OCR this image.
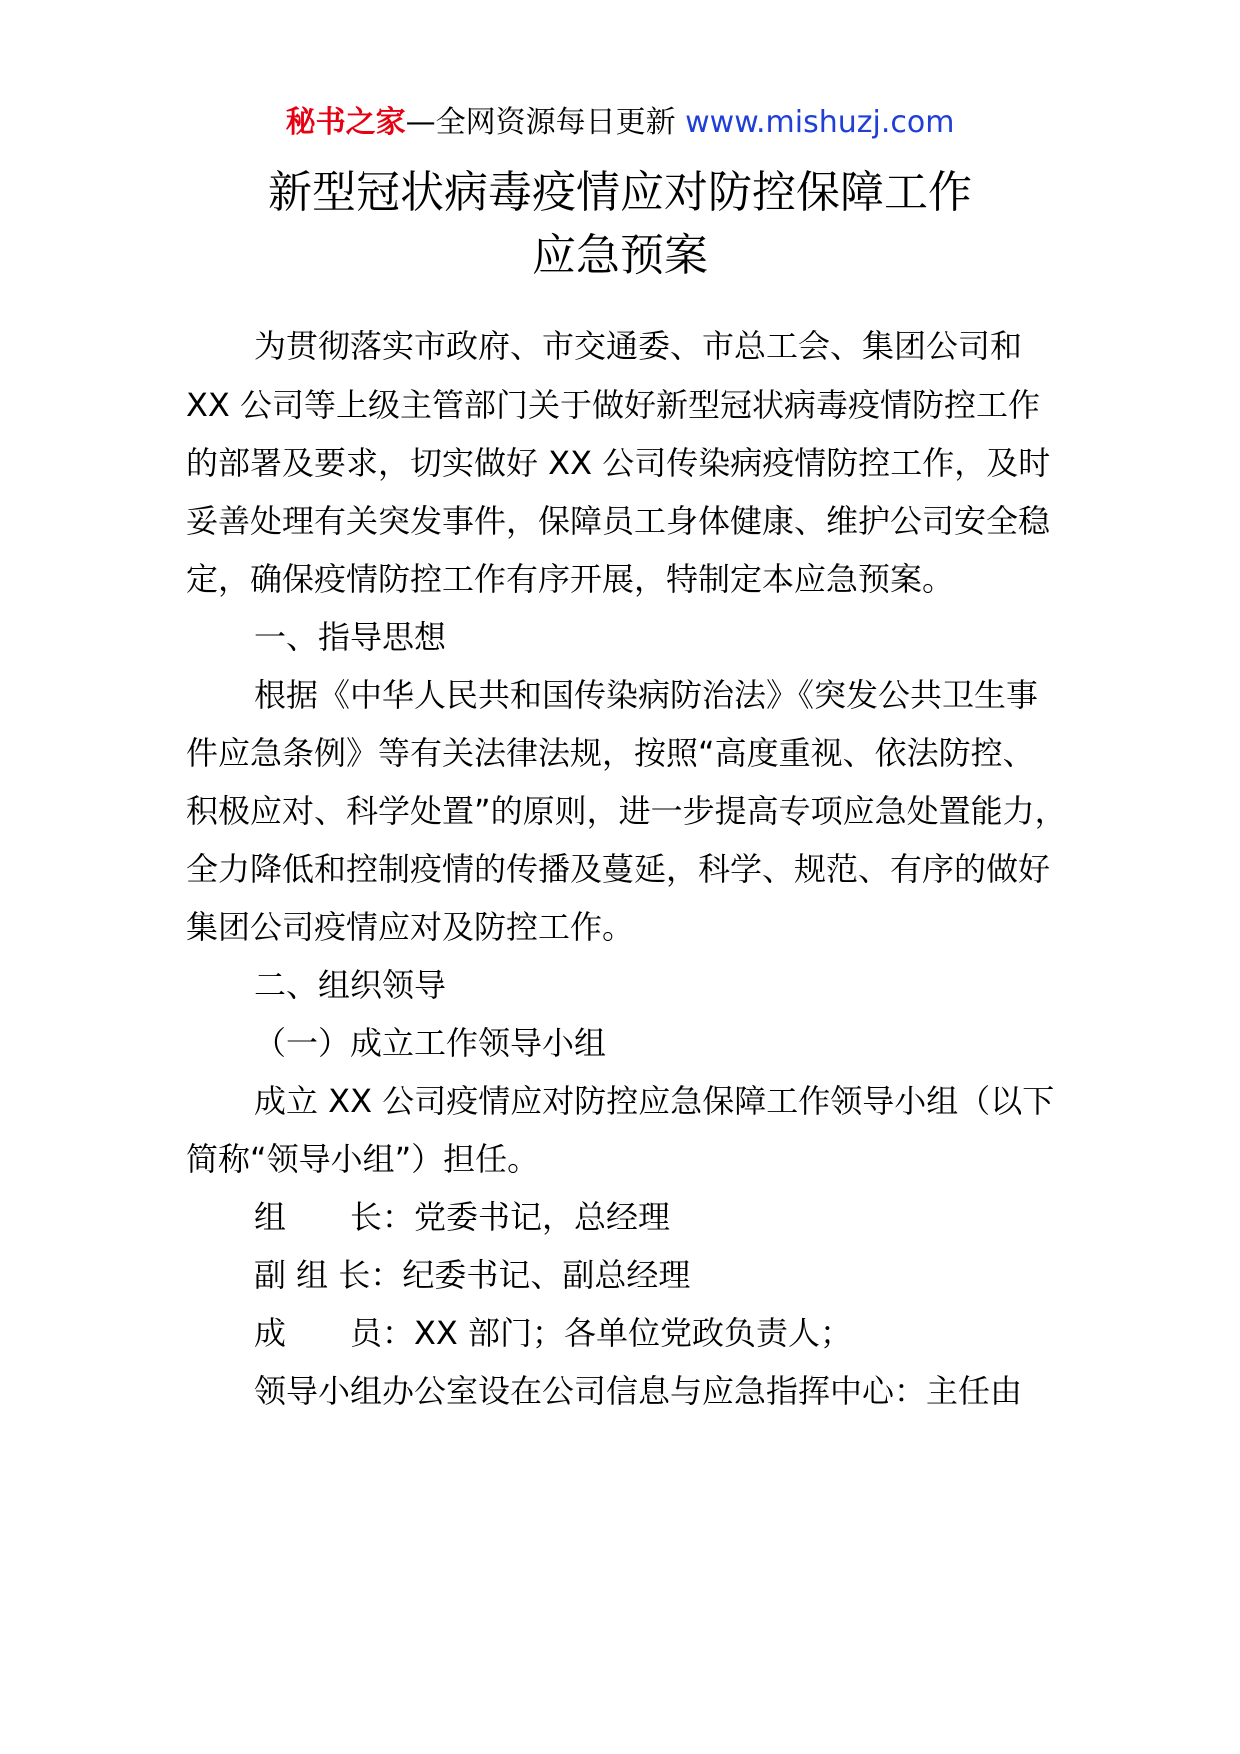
秘书之家—全网资源每日更新 www.mishuzj.com
新型冠状病毒疫情应对防控保障工作
应急预案
为贯彻落实市政府、市交通委、市总工会、集团公司和
XX 公司等上级主管部门关于做好新型冠状病毒疫情防控工作
的部署及要求，切实做好 XX 公司传染病疫情防控工作，及时
妥善处理有关突发事件，保障员工身体健康、维护公司安全稳
定，确保疫情防控工作有序开展，特制定本应急预案。
一、指导思想
根据《中华人民共和国传染病防治法》《突发公共卫生事
件应急条例》等有关法律法规，按照“高度重视、依法防控、
积极应对、科学处置”的原则，进一步提高专项应急处置能力，
全力降低和控制疫情的传播及蔓延，科学、规范、有序的做好
集团公司疫情应对及防控工作。
二、组织领导
（一）成立工作领导小组
成立 XX 公司疫情应对防控应急保障工作领导小组（以下
简称“领导小组”）担任。
组　　长：党委书记，总经理
副 组 长：纪委书记、副总经理
成　　员：XX 部门；各单位党政负责人；
领导小组办公室设在公司信息与应急指挥中心：主任由
